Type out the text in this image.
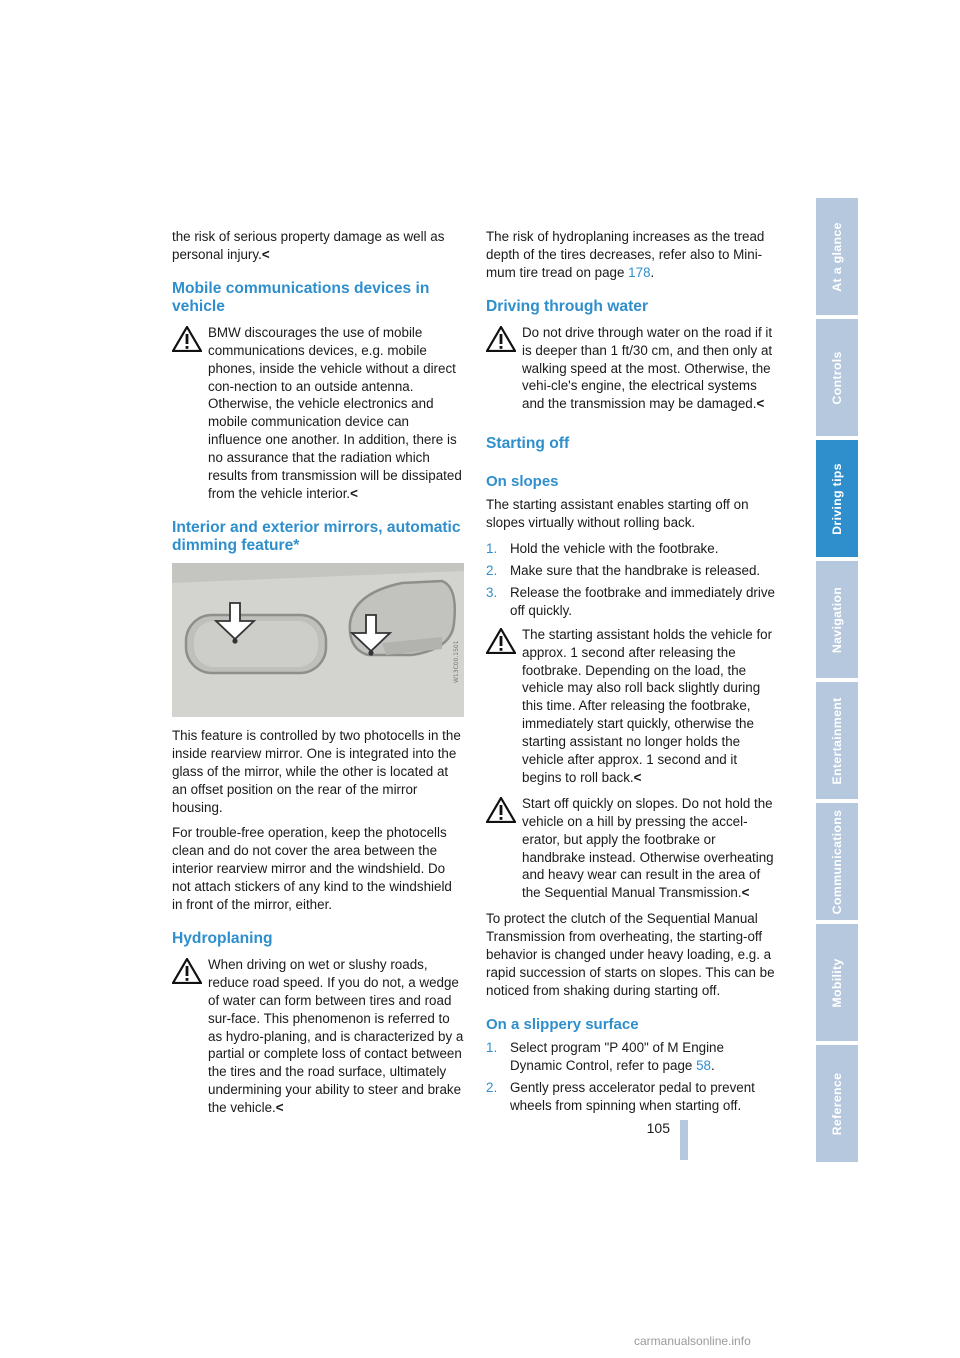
the risk of serious property damage as well as personal injury.<

Mobile communications devices in vehicle
BMW discourages the use of mobile communications devices, e.g. mobile phones, inside the vehicle without a direct con-nection to an outside antenna. Otherwise, the vehicle electronics and mobile communication device can influence one another. In addition, there is no assurance that the radiation which results from transmission will be dissipated from the vehicle interior.<
Interior and exterior mirrors, automatic dimming feature*
W13C00.1501

This feature is controlled by two photocells in the inside rearview mirror. One is integrated into the glass of the mirror, while the other is located at an offset position on the rear of the mirror housing.

For trouble-free operation, keep the photocells clean and do not cover the area between the interior rearview mirror and the windshield. Do not attach stickers of any kind to the windshield in front of the mirror, either.

Hydroplaning
When driving on wet or slushy roads, reduce road speed. If you do not, a wedge of water can form between tires and road sur-face. This phenomenon is referred to as hydro-planing, and is characterized by a partial or complete loss of contact between the tires and the road surface, ultimately undermining your ability to steer and brake the vehicle.<

The risk of hydroplaning increases as the tread depth of the tires decreases, refer also to Mini-mum tire tread on page 178.

Driving through water
Do not drive through water on the road if it is deeper than 1 ft/30 cm, and then only at walking speed at the most. Otherwise, the vehi-cle's engine, the electrical systems and the transmission may be damaged.<
Starting off
On slopes

The starting assistant enables starting off on slopes virtually without rolling back.

1. Hold the vehicle with the footbrake.
2. Make sure that the handbrake is released.
3. Release the footbrake and immediately drive off quickly.
The starting assistant holds the vehicle for approx. 1 second after releasing the footbrake. Depending on the load, the vehicle may also roll back slightly during this time. After releasing the footbrake, immediately start quickly, otherwise the starting assistant no longer holds the vehicle after approx. 1 second and it begins to roll back.<
Start off quickly on slopes. Do not hold the vehicle on a hill by pressing the accel-erator, but apply the footbrake or handbrake instead. Otherwise overheating and heavy wear can result in the area of the Sequential Manual Transmission.<

To protect the clutch of the Sequential Manual Transmission from overheating, the starting-off behavior is changed under heavy loading, e.g. a rapid succession of starts on slopes. This can be noticed from shaking during starting off.

On a slippery surface
1. Select program "P 400" of M Engine Dynamic Control, refer to page 58.
2. Gently press accelerator pedal to prevent wheels from spinning when starting off.
At a glance
Controls
Driving tips
Navigation
Entertainment
Communications
Mobility
Reference
105
carmanualsonline.info
